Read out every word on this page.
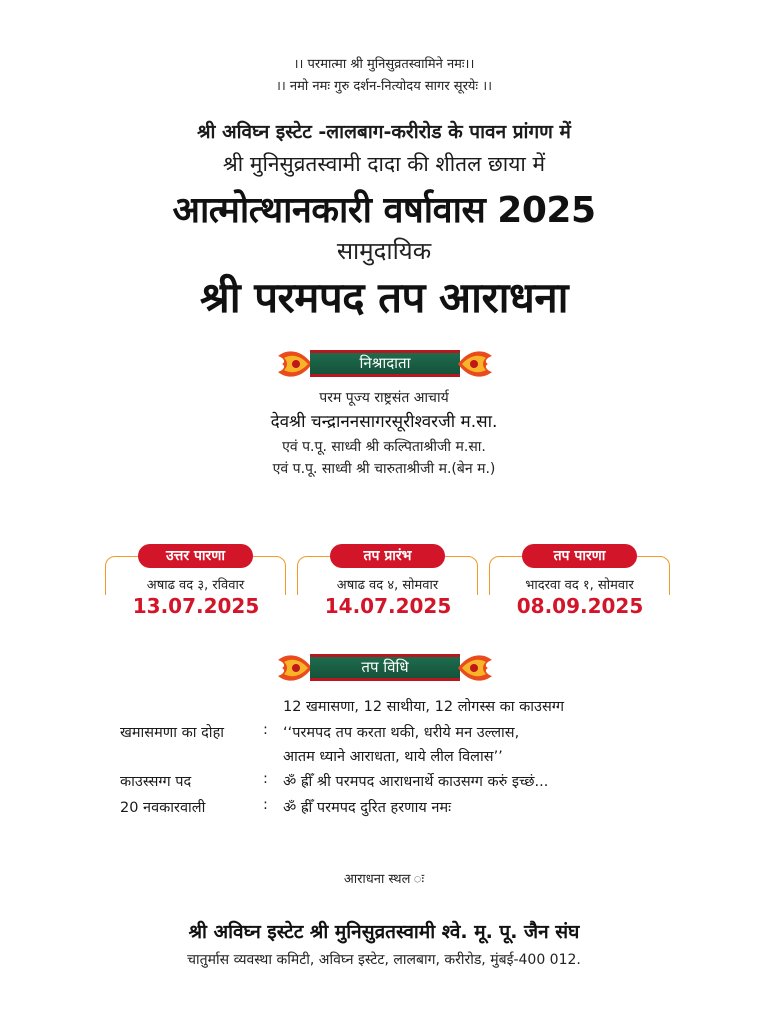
।। परमात्मा श्री मुनिसुव्रतस्वामिने नमः।।
।। नमो नमः गुरु दर्शन-नित्योदय सागर सूरयेः ।।
श्री अविघ्न इस्टेट -लालबाग-करीरोड के पावन प्रांगण में
श्री मुनिसुव्रतस्वामी दादा की शीतल छाया में
आत्मोत्थानकारी वर्षावास 2025
सामुदायिक
श्री परमपद तप आराधना
निश्रादाता
परम पूज्य राष्ट्रसंत आचार्य
देवश्री चन्द्राननसागरसूरीश्वरजी म.सा.
एवं प.पू. साध्वी श्री कल्पिताश्रीजी म.सा.
एवं प.पू. साध्वी श्री चारुताश्रीजी म.(बेन म.)
उत्तर पारणा
अषाढ वद ३, रविवार
13.07.2025
तप प्रारंभ
अषाढ वद ४, सोमवार
14.07.2025
तप पारणा
भादरवा वद १, सोमवार
08.09.2025
तप विधि
12 खमासणा, 12 साथीया, 12 लोगस्स का काउसग्ग
खमासमणा का दोहा	: ‘‘परमपद तप करता थकी, धरीये मन उल्लास,
आतम ध्याने आराधता, थाये लील विलास’’
काउस्सग्ग पद	: ॐ ह्रीँ श्री परमपद आराधनार्थे काउसग्ग करुं इच्छं...
20 नवकारवाली	: ॐ ह्रीँ परमपद दुरित हरणाय नमः
आराधना स्थल ः
श्री अविघ्न इस्टेट श्री मुनिसुव्रतस्वामी श्वे. मू. पू. जैन संघ
चातुर्मास व्यवस्था कमिटी, अविघ्न इस्टेट, लालबाग, करीरोड, मुंबई-400 012.
